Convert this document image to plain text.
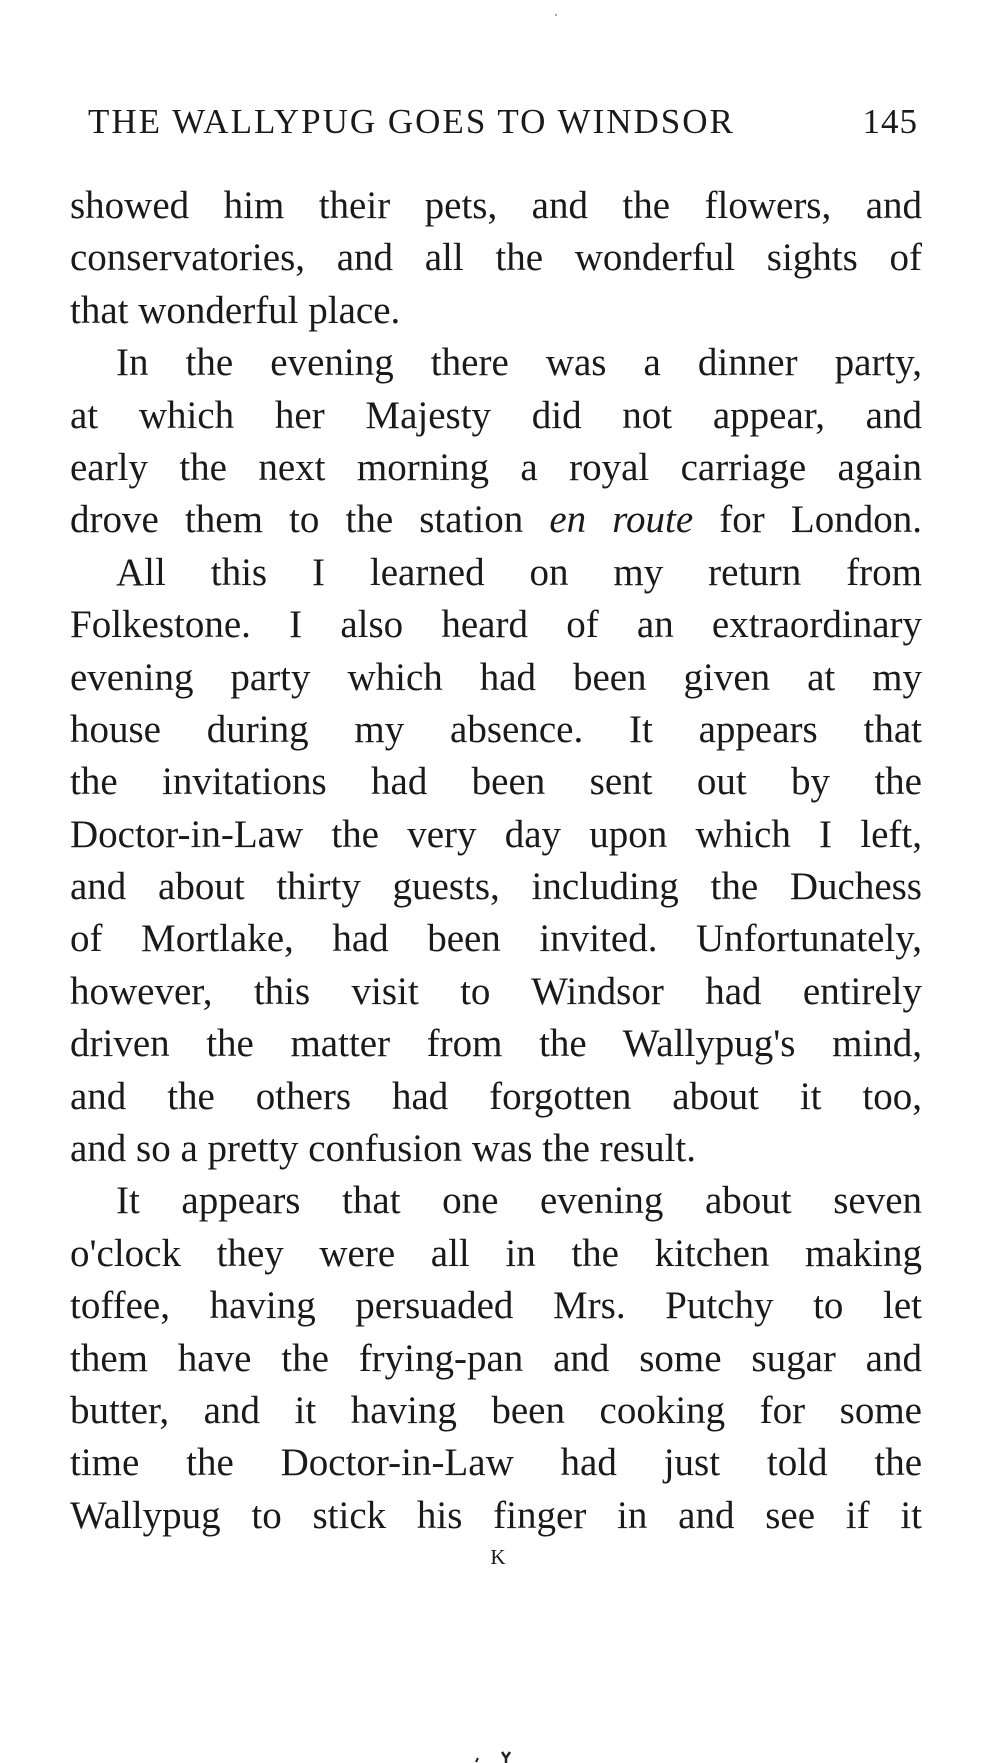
THE WALLYPUG GOES TO WINDSOR	145
showed him their pets, and the flowers, and
conservatories, and all the wonderful sights of
that wonderful place.
In the evening there was a dinner party,
at which her Majesty did not appear, and
early the next morning a royal carriage again
drove them to the station en route for London.
All this I learned on my return from
Folkestone. I also heard of an extraordinary
evening party which had been given at my
house during my absence. It appears that
the invitations had been sent out by the
Doctor-in-Law the very day upon which I left,
and about thirty guests, including the Duchess
of Mortlake, had been invited. Unfortunately,
however, this visit to Windsor had entirely
driven the matter from the Wallypug's mind,
and the others had forgotten about it too,
and so a pretty confusion was the result.
It appears that one evening about seven
o'clock they were all in the kitchen making
toffee, having persuaded Mrs. Putchy to let
them have the frying-pan and some sugar and
butter, and it having been cooking for some
time the Doctor-in-Law had just told the
Wallypug to stick his finger in and see if it
K
